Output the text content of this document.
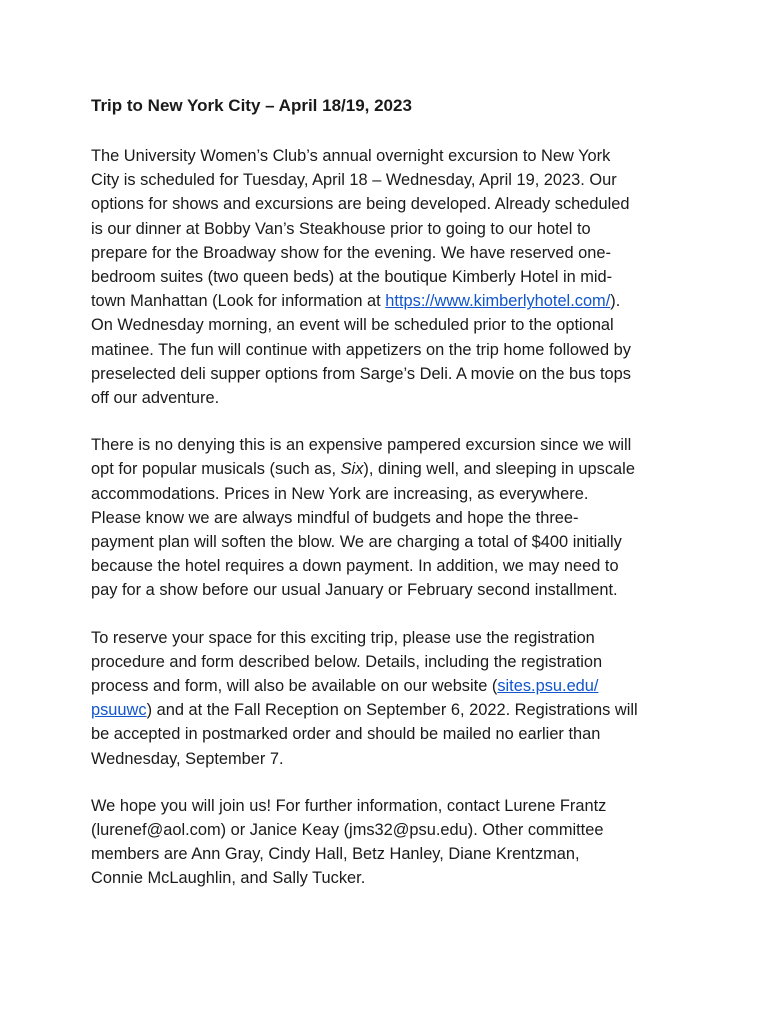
Trip to New York City – April 18/19, 2023
The University Women’s Club’s annual overnight excursion to New York
City is scheduled for Tuesday, April 18 – Wednesday, April 19, 2023. Our
options for shows and excursions are being developed. Already scheduled
is our dinner at Bobby Van’s Steakhouse prior to going to our hotel to
prepare for the Broadway show for the evening. We have reserved one-
bedroom suites (two queen beds) at the boutique Kimberly Hotel in mid-
town Manhattan (Look for information at https://www.kimberlyhotel.com/).
On Wednesday morning, an event will be scheduled prior to the optional
matinee. The fun will continue with appetizers on the trip home followed by
preselected deli supper options from Sarge’s Deli. A movie on the bus tops
off our adventure.
There is no denying this is an expensive pampered excursion since we will
opt for popular musicals (such as, Six), dining well, and sleeping in upscale
accommodations. Prices in New York are increasing, as everywhere.
Please know we are always mindful of budgets and hope the three-
payment plan will soften the blow. We are charging a total of $400 initially
because the hotel requires a down payment. In addition, we may need to
pay for a show before our usual January or February second installment.
To reserve your space for this exciting trip, please use the registration
procedure and form described below. Details, including the registration
process and form, will also be available on our website (sites.psu.edu/
psuuwc) and at the Fall Reception on September 6, 2022. Registrations will
be accepted in postmarked order and should be mailed no earlier than
Wednesday, September 7.
We hope you will join us! For further information, contact Lurene Frantz
(lurenef@aol.com) or Janice Keay (jms32@psu.edu). Other committee
members are Ann Gray, Cindy Hall, Betz Hanley, Diane Krentzman,
Connie McLaughlin, and Sally Tucker.
